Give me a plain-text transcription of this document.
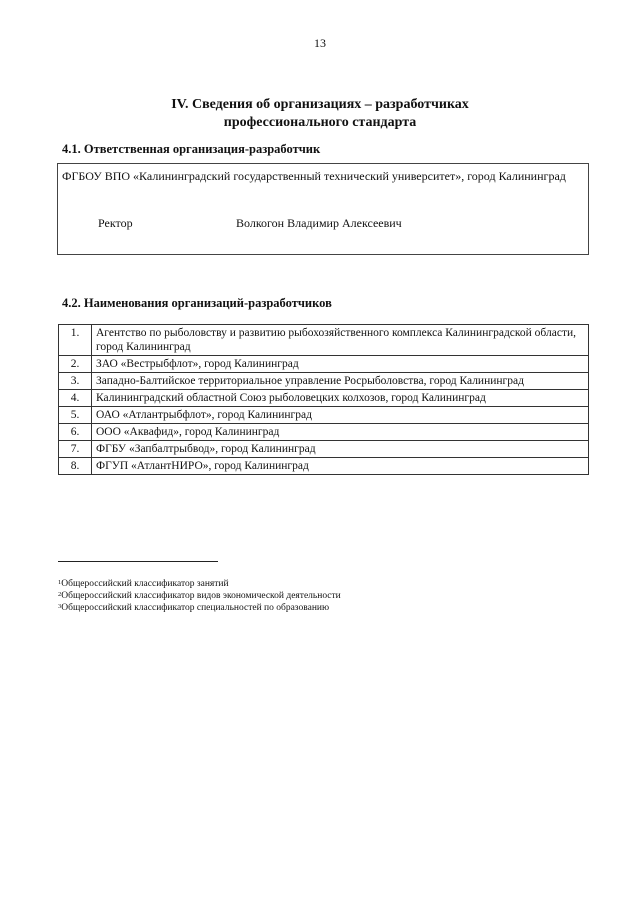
13
IV. Сведения об организациях – разработчиках
профессионального стандарта
4.1. Ответственная организация-разработчик
ФГБОУ ВПО «Калининградский государственный технический университет», город Калининград
Ректор	Волкогон Владимир Алексеевич
4.2. Наименования организаций-разработчиков
1.	Агентство по рыболовству и развитию рыбохозяйственного комплекса Калининградской области, город Калининград
2.	ЗАО «Вестрыбфлот», город Калининград
3.	Западно-Балтийское территориальное управление Росрыболовства, город Калининград
4.	Калининградский областной Союз рыболовецких колхозов, город Калининград
5.	ОАО «Атлантрыбфлот», город Калининград
6.	ООО «Аквафид», город Калининград
7.	ФГБУ «Запбалтрыбвод», город Калининград
8.	ФГУП «АтлантНИРО», город Калининград
$^1$Общероссийский классификатор занятий
$^2$Общероссийский классификатор видов экономической деятельности
$^3$Общероссийский классификатор специальностей по образованию
